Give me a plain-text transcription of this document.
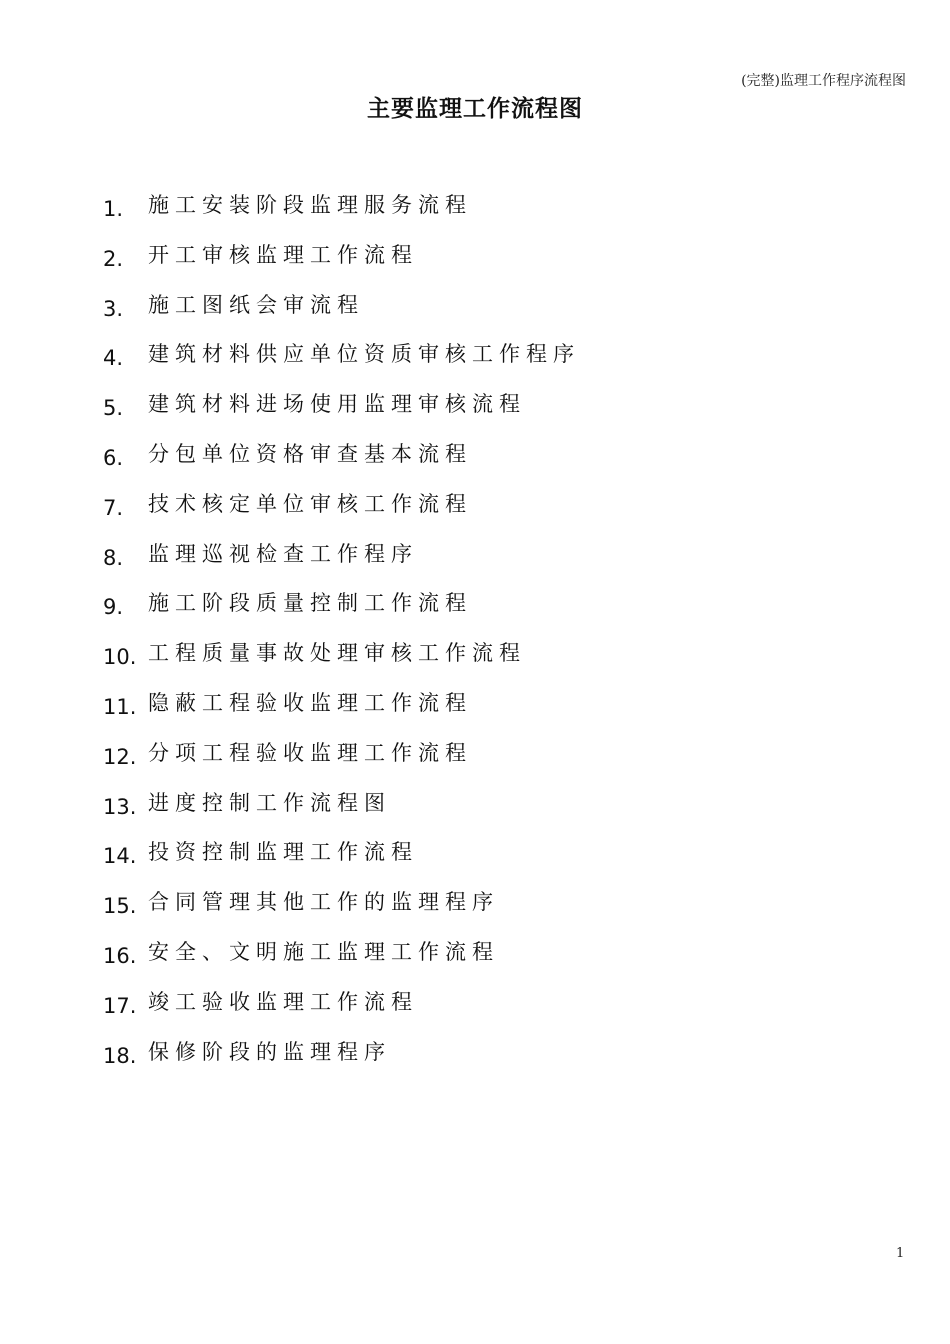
(完整)监理工作程序流程图
主要监理工作流程图
1.	施工安装阶段监理服务流程
2.	开工审核监理工作流程
3.	施工图纸会审流程
4.	建筑材料供应单位资质审核工作程序
5.	建筑材料进场使用监理审核流程
6.	分包单位资格审查基本流程
7.	技术核定单位审核工作流程
8.	监理巡视检查工作程序
9.	施工阶段质量控制工作流程
10. 工程质量事故处理审核工作流程
11. 隐蔽工程验收监理工作流程
12. 分项工程验收监理工作流程
13. 进度控制工作流程图
14. 投资控制监理工作流程
15. 合同管理其他工作的监理程序
16. 安全、文明施工监理工作流程
17. 竣工验收监理工作流程
18. 保修阶段的监理程序
1
